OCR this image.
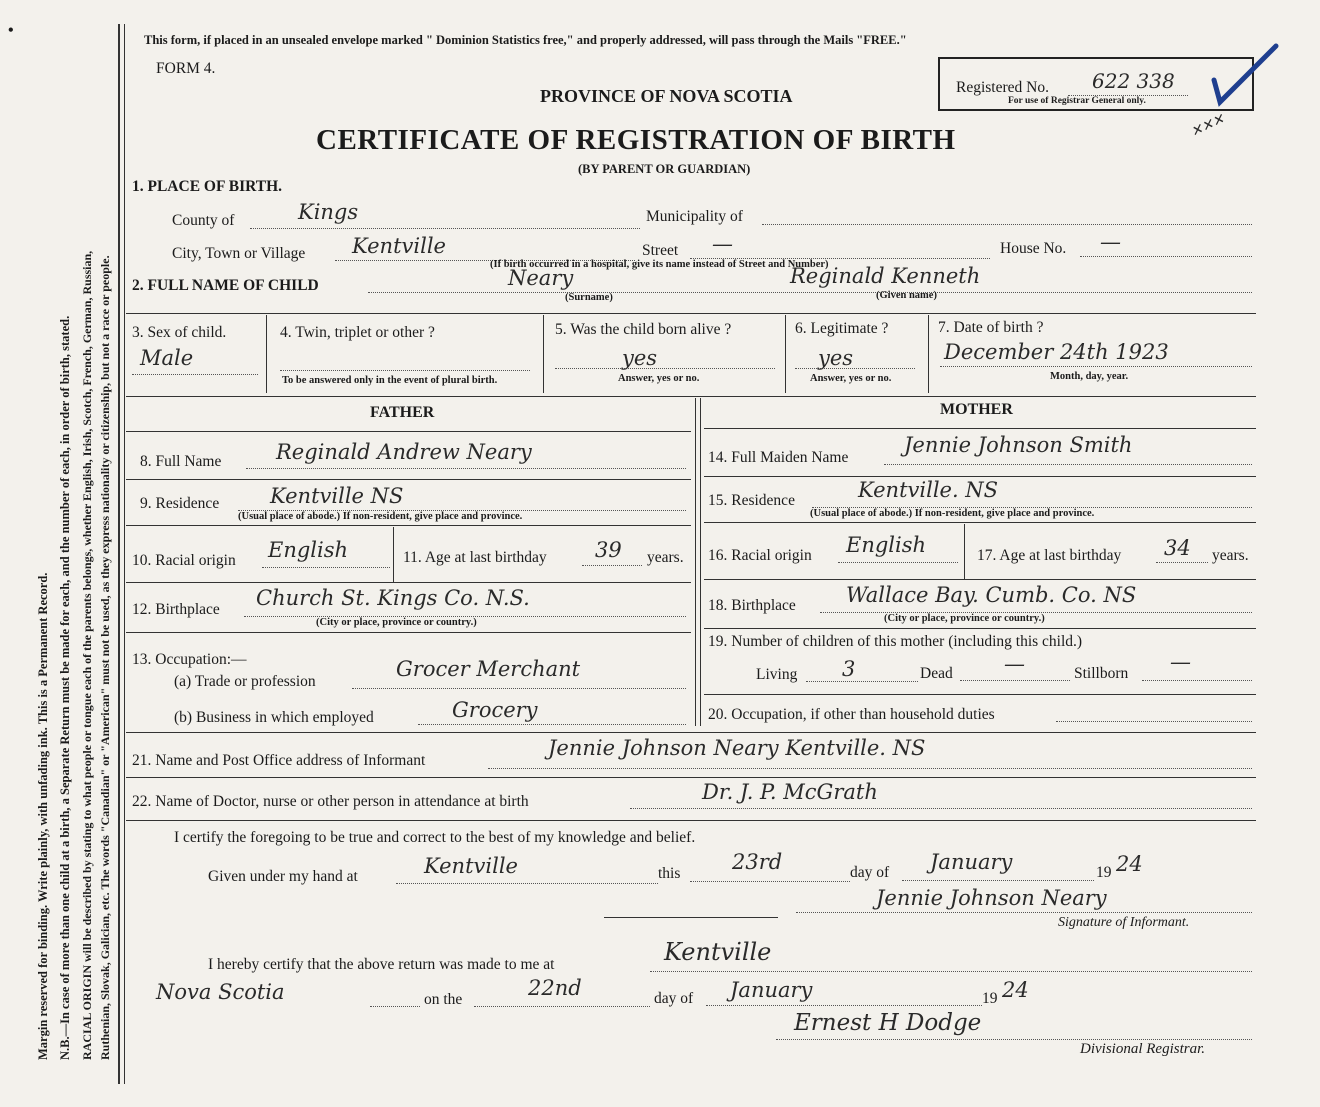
Margin reserved for binding. Write plainly, with unfading ink. This is a Permanent Record. N.B.—In case of more than one child at a birth, a Separate Return must be made for each, and the number of each, in order of birth, stated. RACIAL ORIGIN will be described by stating to what people or tongue each of the parents belongs, whether English, Irish, Scotch, French, German, Russian, Ruthenian, Slovak, Galician, etc. The words "Canadian" or "American" must not be used, as they express nationality or citizenship, but not a race or people.
This form, if placed in an unsealed envelope marked " Dominion Statistics free," and properly addressed, will pass through the Mails "FREE."
FORM 4.
PROVINCE OF NOVA SCOTIA	Registered No. 622 338
For use of Registrar General only.
✕✕✕
CERTIFICATE OF REGISTRATION OF BIRTH
(BY PARENT OR GUARDIAN)
1. PLACE OF BIRTH.
County of	Kings	Municipality of
City, Town or Village Kentville	Street —	House No. —
(If birth occurred in a hospital, give its name instead of Street and Number)
2. FULL NAME OF CHILD	Neary
(Surname)
Reginald Kenneth
(Given name)
3. Sex of child.
Male
4. Twin, triplet or other ?
To be answered only in the event of plural birth.
5. Was the child born alive ?
yes
Answer, yes or no.
6. Legitimate ?
yes
Answer, yes or no.
7. Date of birth ?
December 24th 1923
Month, day, year.
FATHER
8. Full Name	Reginald Andrew Neary
9. Residence Kentville NS
(Usual place of abode.) If non-resident, give place and province.
10. Racial origin English	11. Age at last birthday 39 years.
12. Birthplace Church St. Kings Co. N.S.
(City or place, province or country.)
13. Occupation:—
(a) Trade or profession
Grocer Merchant
(b) Business in which employed	Grocery
MOTHER
14. Full Maiden Name
Jennie Johnson Smith
15. Residence	Kentville. NS
(Usual place of abode.) If non-resident, give place and province.
16. Racial origin English	17. Age at last birthday 34 years.
18. Birthplace Wallace Bay. Cumb. Co. NS
(City or place, province or country.)
19. Number of children of this mother (including this child.)
Living 3	Dead —	Stillborn —
20. Occupation, if other than household duties
21. Name and Post Office address of Informant
Jennie Johnson Neary Kentville. NS
22. Name of Doctor, nurse or other person in attendance at birth	Dr. J. P. McGrath
I certify the foregoing to be true and correct to the best of my knowledge and belief.
Given under my hand at	Kentville	this 23rd	day of January	19 24
Jennie Johnson Neary
Signature of Informant.
I hereby certify that the above return was made to me at	Kentville
Nova Scotia	on the	22nd	day of January	19 24
Ernest H Dodge
Divisional Registrar.
•
